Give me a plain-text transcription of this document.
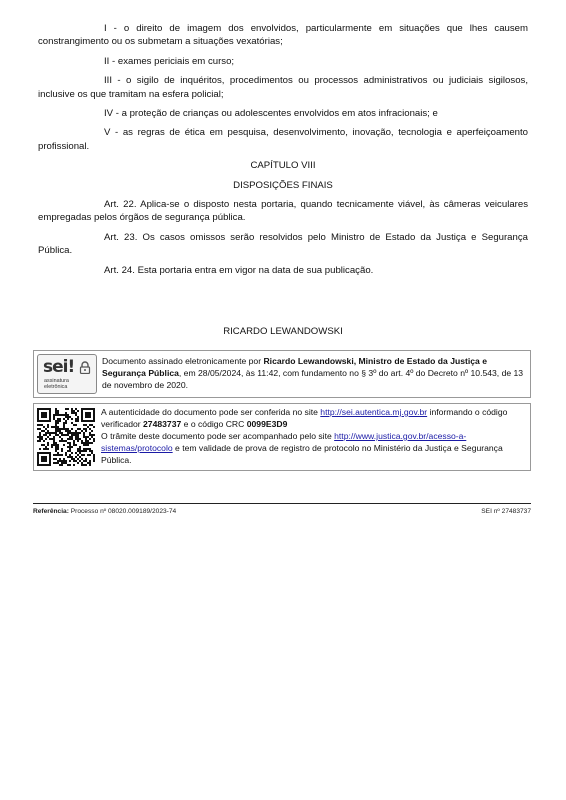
I - o direito de imagem dos envolvidos, particularmente em situações que lhes causem constrangimento ou os submetam a situações vexatórias;

II - exames periciais em curso;

III - o sigilo de inquéritos, procedimentos ou processos administrativos ou judiciais sigilosos, inclusive os que tramitam na esfera policial;

IV - a proteção de crianças ou adolescentes envolvidos em atos infracionais; e

V - as regras de ética em pesquisa, desenvolvimento, inovação, tecnologia e aperfeiçoamento profissional.

CAPÍTULO VIII

DISPOSIÇÕES FINAIS

Art. 22. Aplica-se o disposto nesta portaria, quando tecnicamente viável, às câmeras veiculares empregadas pelos órgãos de segurança pública.

Art. 23. Os casos omissos serão resolvidos pelo Ministro de Estado da Justiça e Segurança Pública.

Art. 24. Esta portaria entra em vigor na data de sua publicação.

RICARDO LEWANDOWSKI
sei!
assinatura
eletrônica
Documento assinado eletronicamente por Ricardo Lewandowski, Ministro de Estado da Justiça e Segurança Pública, em 28/05/2024, às 11:42, com fundamento no § 3º do art. 4º do Decreto nº 10.543, de 13 de novembro de 2020.
A autenticidade do documento pode ser conferida no site http://sei.autentica.mj.gov.br informando o código verificador 27483737 e o código CRC 0099E3D9
O trâmite deste documento pode ser acompanhado pelo site http://www.justica.gov.br/acesso-a-sistemas/protocolo e tem validade de prova de registro de protocolo no Ministério da Justiça e Segurança Pública.
Referência: Processo nº 08020.009189/2023-74	SEI nº 27483737
